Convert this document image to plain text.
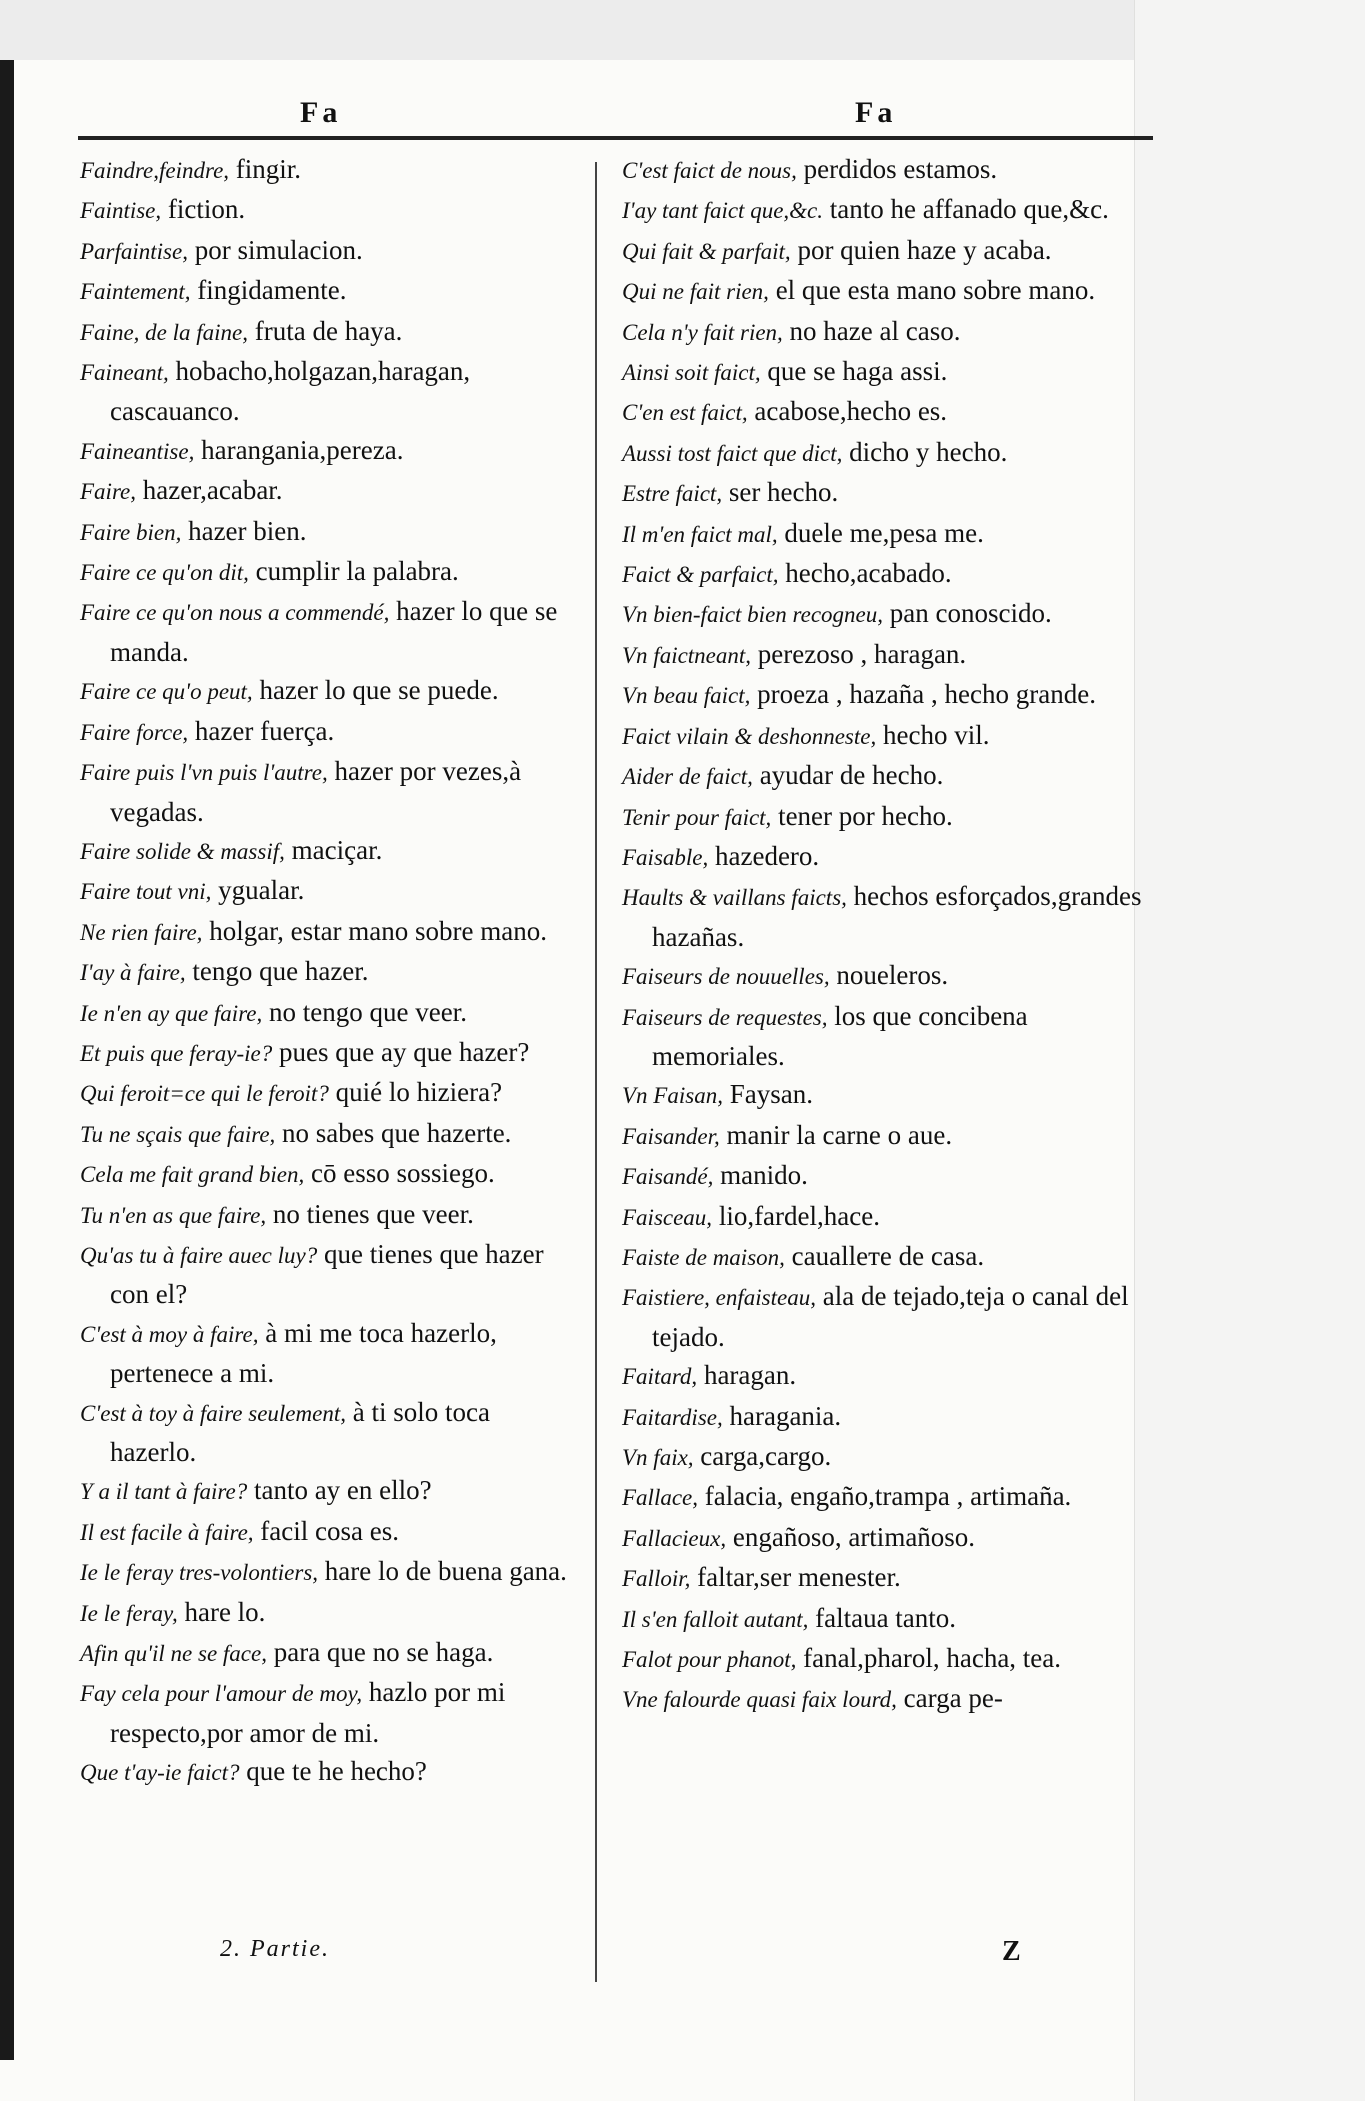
Fa	Fa

Faindre,feindre, fingir.

Faintise, fiction.

Parfaintise, por simulacion.

Faintement, fingidamente.

Faine, de la faine, fruta de haya.

Faineant, hobacho,holgazan,haragan, cascauanco.

Faineantise, harangania,pereza.

Faire, hazer,acabar.

Faire bien, hazer bien.

Faire ce qu'on dit, cumplir la palabra.

Faire ce qu'on nous a commendé, hazer lo que se manda.

Faire ce qu'o peut, hazer lo que se puede.

Faire force, hazer fuerça.

Faire puis l'vn puis l'autre, hazer por vezes,à vegadas.

Faire solide & massif, maciçar.

Faire tout vni, ygualar.

Ne rien faire, holgar, estar mano sobre mano.

I'ay à faire, tengo que hazer.

Ie n'en ay que faire, no tengo que veer.

Et puis que feray-ie? pues que ay que hazer?

Qui feroit=ce qui le feroit? quié lo hiziera?

Tu ne sçais que faire, no sabes que hazerte.

Cela me fait grand bien, cō esso sossiego.

Tu n'en as que faire, no tienes que veer.

Qu'as tu à faire auec luy? que tienes que hazer con el?

C'est à moy à faire, à mi me toca hazerlo, pertenece a mi.

C'est à toy à faire seulement, à ti solo toca hazerlo.

Y a il tant à faire? tanto ay en ello?

Il est facile à faire, facil cosa es.

Ie le feray tres-volontiers, hare lo de buena gana.

Ie le feray, hare lo.

Afin qu'il ne se face, para que no se haga.

Fay cela pour l'amour de moy, hazlo por mi respecto,por amor de mi.

Que t'ay-ie faict? que te he hecho?

C'est faict de nous, perdidos estamos.

I'ay tant faict que,&c. tanto he affanado que,&c.

Qui fait & parfait, por quien haze y acaba.

Qui ne fait rien, el que esta mano sobre mano.

Cela n'y fait rien, no haze al caso.

Ainsi soit faict, que se haga assi.

C'en est faict, acabose,hecho es.

Aussi tost faict que dict, dicho y hecho.

Estre faict, ser hecho.

Il m'en faict mal, duele me,pesa me.

Faict & parfaict, hecho,acabado.

Vn bien-faict bien recogneu, pan conoscido.

Vn faictneant, perezoso , haragan.

Vn beau faict, proeza , hazaña , hecho grande.

Faict vilain & deshonneste, hecho vil.

Aider de faict, ayudar de hecho.

Tenir pour faict, tener por hecho.

Faisable, hazedero.

Haults & vaillans faicts, hechos esforçados,grandes hazañas.

Faiseurs de nouuelles, noueleros.

Faiseurs de requestes, los que concibena memoriales.

Vn Faisan, Faysan.

Faisander, manir la carne o aue.

Faisandé, manido.

Faisceau, lio,fardel,hace.

Faiste de maison, caualleте de casa.

Faistiere, enfaisteau, ala de tejado,teja o canal del tejado.

Faitard, haragan.

Faitardise, haragania.

Vn faix, carga,cargo.

Fallace, falacia, engaño,trampa , artimaña.

Fallacieux, engañoso, artimañoso.

Falloir, faltar,ser menester.

Il s'en falloit autant, faltaua tanto.

Falot pour phanot, fanal,pharol, hacha, tea.

Vne falourde quasi faix lourd, carga pe-

2. Partie.	Z
